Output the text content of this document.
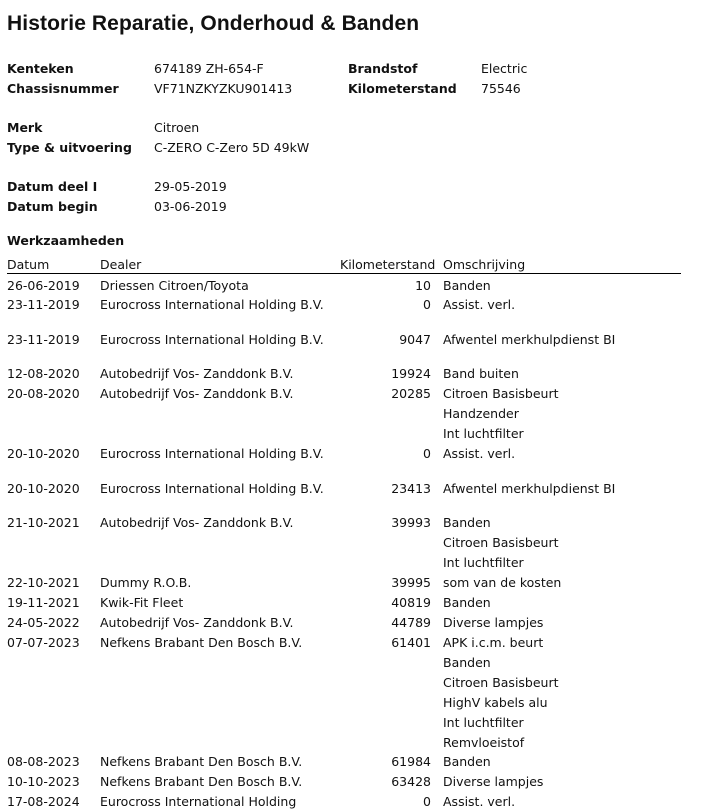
Historie Reparatie, Onderhoud & Banden
Kenteken	674189 ZH-654-F
Chassisnummer	VF71NZKYZKU901413
Brandstof	Electric
Kilometerstand 75546
Merk	Citroen
Type & uitvoering C-ZERO C-Zero 5D 49kW
Datum deel I	29-05-2019
Datum begin	03-06-2019
Werkzaamheden
Datum	Dealer	Kilometerstand Omschrijving
26-06-2019 Driessen Citroen/Toyota	10 Banden
23-11-2019 Eurocross International Holding B.V.	0 Assist. verl.
23-11-2019 Eurocross International Holding B.V.	9047 Afwentel merkhulpdienst BI
12-08-2020 Autobedrijf Vos- Zanddonk B.V.	19924 Band buiten
20-08-2020 Autobedrijf Vos- Zanddonk B.V.	20285 Citroen Basisbeurt
Handzender
Int luchtfilter
20-10-2020 Eurocross International Holding B.V.	0 Assist. verl.
20-10-2020 Eurocross International Holding B.V.	23413 Afwentel merkhulpdienst BI
21-10-2021 Autobedrijf Vos- Zanddonk B.V.	39993 Banden
Citroen Basisbeurt
Int luchtfilter
22-10-2021 Dummy R.O.B.	39995 som van de kosten
19-11-2021 Kwik-Fit Fleet	40819 Banden
24-05-2022 Autobedrijf Vos- Zanddonk B.V.	44789 Diverse lampjes
07-07-2023 Nefkens Brabant Den Bosch B.V.	61401 APK i.c.m. beurt
Banden
Citroen Basisbeurt
HighV kabels alu
Int luchtfilter
Remvloeistof
08-08-2023 Nefkens Brabant Den Bosch B.V.	61984 Banden
10-10-2023 Nefkens Brabant Den Bosch B.V.	63428 Diverse lampjes
17-08-2024 Eurocross International Holding	0 Assist. verl.
